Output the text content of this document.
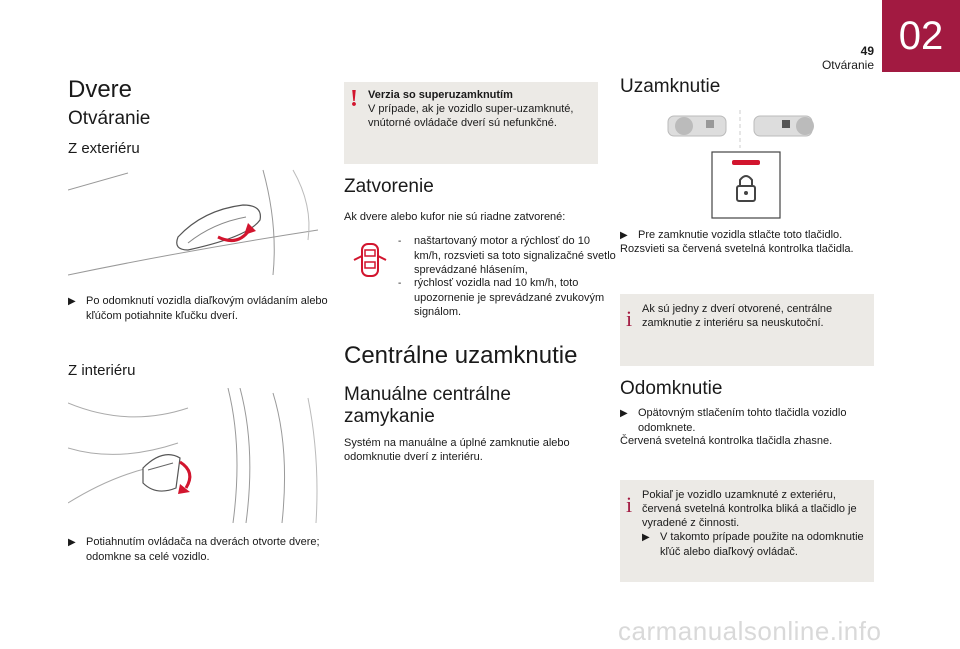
02
49
Otváranie
Dvere
Otváranie
Z exteriéru
▶ Po odomknutí vozidla diaľkovým ovládaním alebo kľúčom potiahnite kľučku dverí.
Z interiéru
▶ Potiahnutím ovládača na dverách otvorte dvere; odomkne sa celé vozidlo.
! Verzia so superuzamknutím
V prípade, ak je vozidlo super-uzamknuté, vnútorné ovládače dverí sú nefunkčné.
Zatvorenie
Ak dvere alebo kufor nie sú riadne zatvorené:
- naštartovaný motor a rýchlosť do 10 km/h, rozsvieti sa toto signalizačné svetlo sprevádzané hlásením,
- rýchlosť vozidla nad 10 km/h, toto upozornenie je sprevádzané zvukovým signálom.
Centrálne uzamknutie
Manuálne centrálne zamykanie
Systém na manuálne a úplné zamknutie alebo odomknutie dverí z interiéru.
Uzamknutie
▶ Pre zamknutie vozidla stlačte toto tlačidlo.
Rozsvieti sa červená svetelná kontrolka tlačidla.
i Ak sú jedny z dverí otvorené, centrálne zamknutie z interiéru sa neuskutoční.
Odomknutie
▶ Opätovným stlačením tohto tlačidla vozidlo odomknete.
Červená svetelná kontrolka tlačidla zhasne.
i Pokiaľ je vozidlo uzamknuté z exteriéru, červená svetelná kontrolka bliká a tlačidlo je vyradené z činnosti.
▶ V takomto prípade použite na odomknutie kľúč alebo diaľkový ovládač.
carmanualsonline.info
